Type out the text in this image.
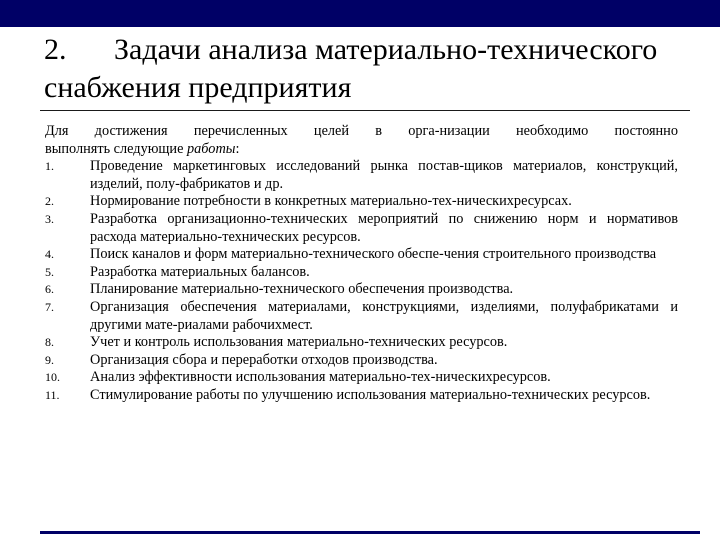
2. Задачи анализа материально-технического снабжения предприятия

Для достижения перечисленных целей в орга-низации необходимо постоянно
выполнять следующие работы:

1.	Проведение маркетинговых исследований рынка постав-щиков материалов, конструкций, изделий, полу-фабрикатов и др.
2.	Нормирование потребности в конкретных материально-тех-ническихресурсах.
3.	Разработка организационно-технических мероприятий по снижению норм и нормативов расхода материально-технических ресурсов.
4.	Поиск каналов и форм материально-технического обеспе-чения строительного производства
5.	Разработка материальных балансов.
6.	Планирование материально-технического обеспечения производства.
7.	Организация обеспечения материалами, конструкциями, изделиями, полуфабрикатами и другими мате-риалами рабочихмест.
8.	Учет и контроль использования материально-технических ресурсов.
9.	Организация сбора и переработки отходов производства.
10.	Анализ эффективности использования материально-тех-ническихресурсов.
11.	Стимулирование работы по улучшению использования материально-технических ресурсов.
